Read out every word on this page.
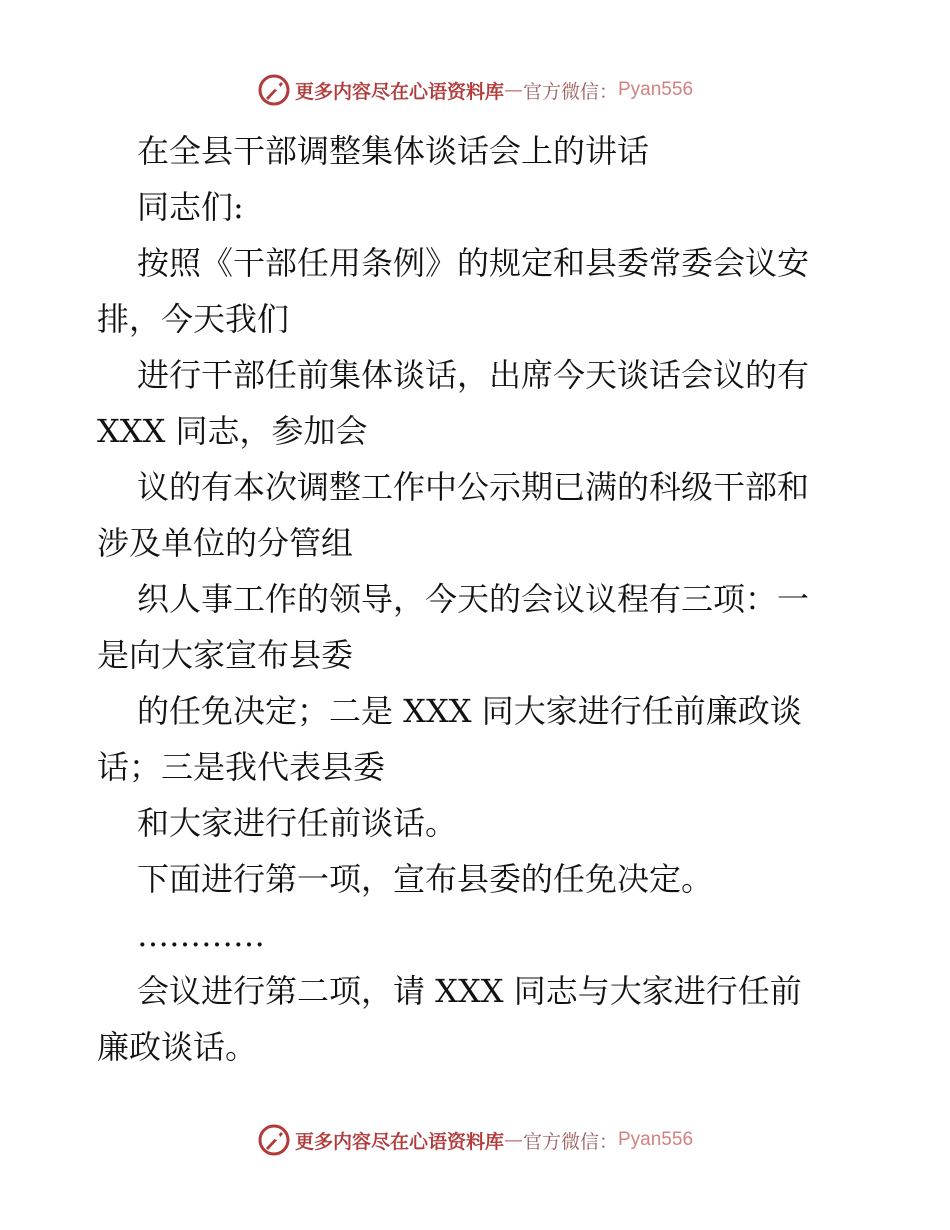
更多内容尽在心语资料库 — 官方微信： Pyan556
在全县干部调整集体谈话会上的讲话
同志们:
按照《干部任用条例》的规定和县委常委会议安
排，今天我们
进行干部任前集体谈话，出席今天谈话会议的有
XXX 同志，参加会
议的有本次调整工作中公示期已满的科级干部和
涉及单位的分管组
织人事工作的领导，今天的会议议程有三项：一
是向大家宣布县委
的任免决定；二是 XXX 同大家进行任前廉政谈
话；三是我代表县委
和大家进行任前谈话。
下面进行第一项，宣布县委的任免决定。
…………
会议进行第二项，请 XXX 同志与大家进行任前
廉政谈话。
更多内容尽在心语资料库 — 官方微信： Pyan556
